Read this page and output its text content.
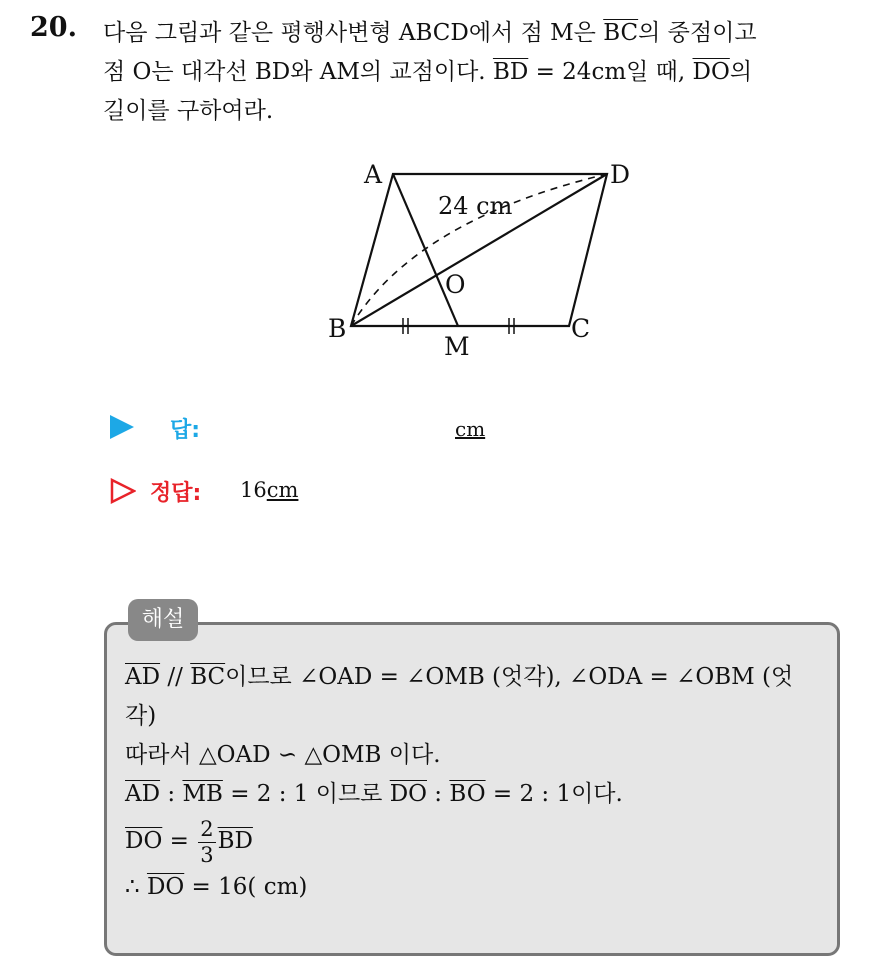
20. 다음 그림과 같은 평행사변형 ABCD에서 점 M은 $\overline{BC}$의 중점이고
점 O는 대각선 BD와 AM의 교점이다. $\overline{BD} = 24cm$일 때, $\overline{DO}$의
길이를 구하여라.
A	D
B	C
M
O
24 cm
답:	cm
정답: 16cm
해설
$\overline{AD} // \overline{BC}$이므로 ∠OAD = ∠OMB (엇각), ∠ODA = ∠OBM (엇
각)
따라서 △OAD ∽ △OMB 이다.
$\overline{AD}$ : $\overline{MB} = 2$ : 1 이므로 $\overline{DO}$ : $\overline{BO} = 2$ : 1이다.
$\overline{DO} = \frac{2}{3} \overline{BD}$
∴ $\overline{DO} = 16$( cm)
